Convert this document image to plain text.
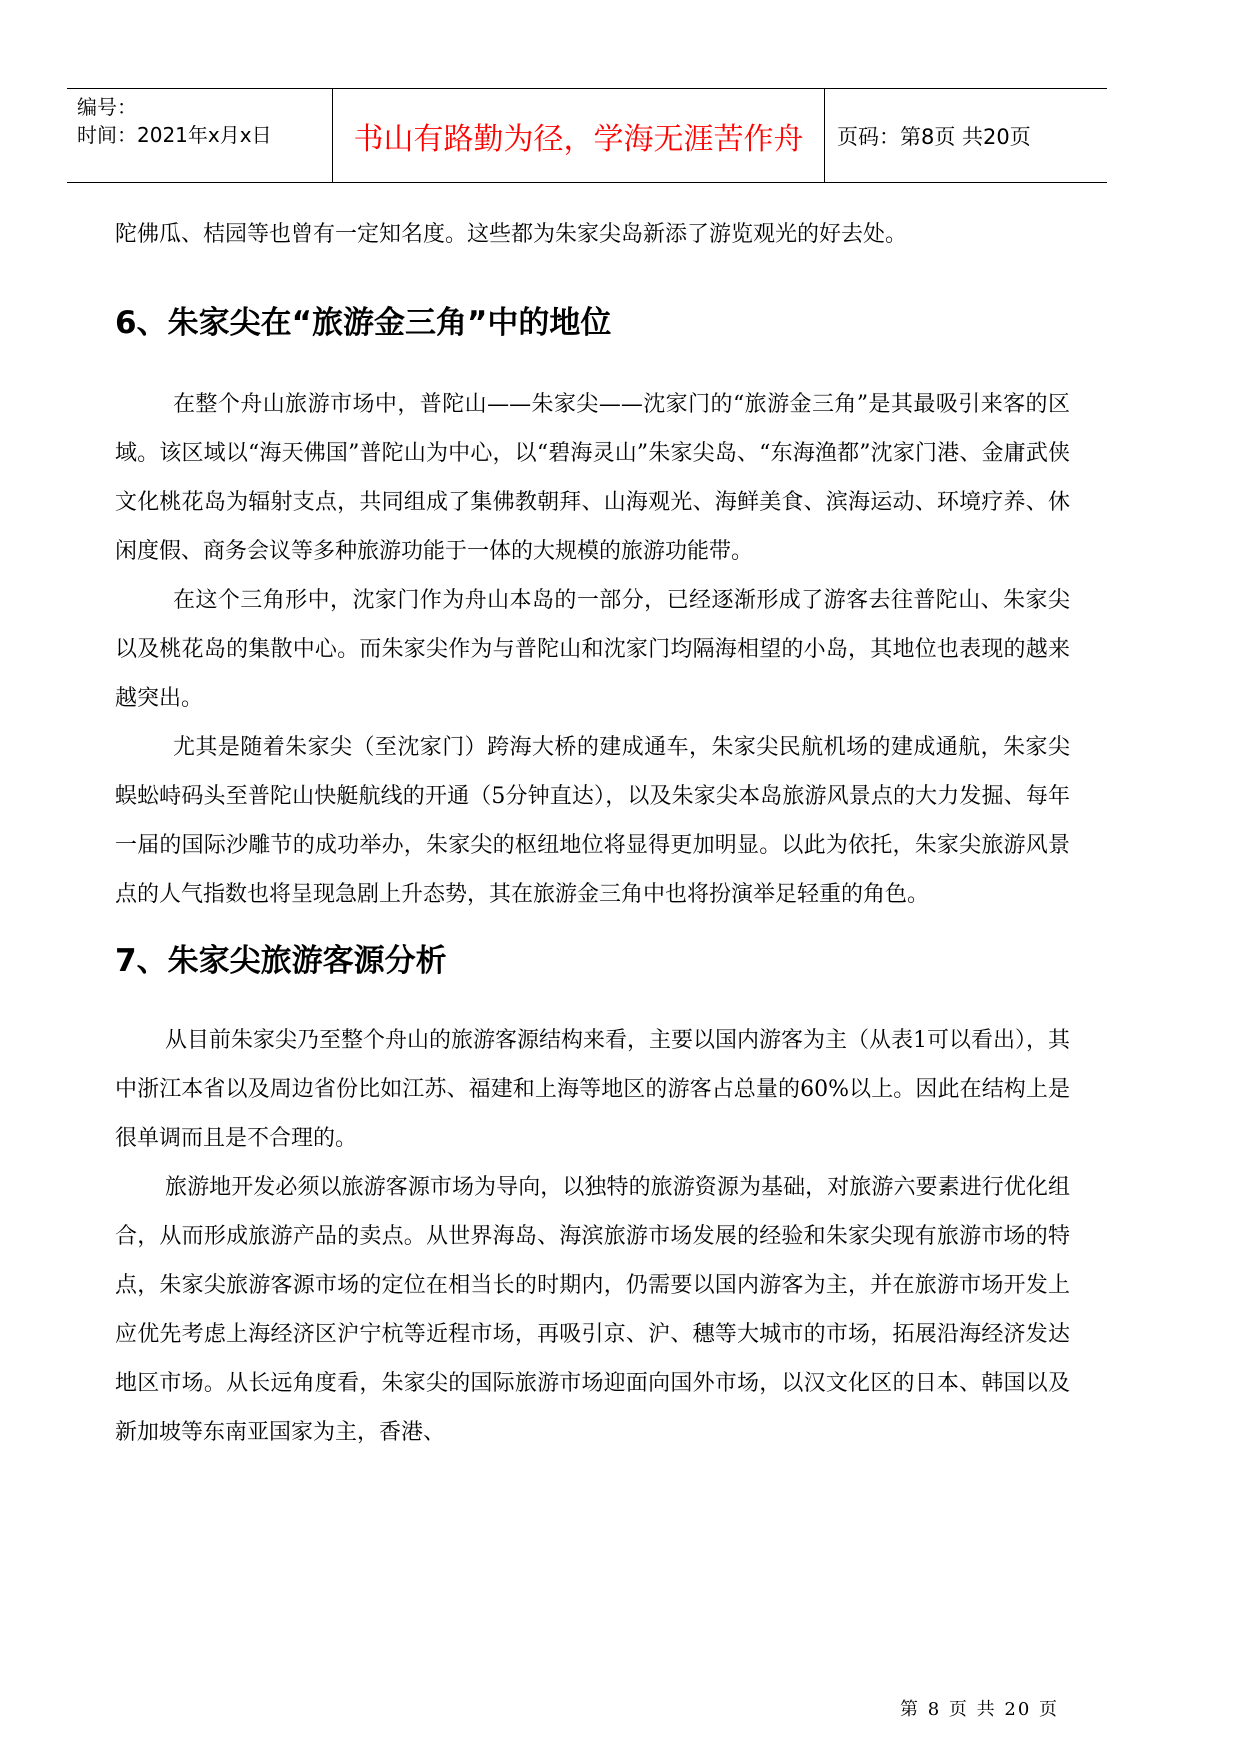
编号：
时间：2021年x月x日	书山有路勤为径，学海无涯苦作舟	页码：第8页 共20页

陀佛瓜、桔园等也曾有一定知名度。这些都为朱家尖岛新添了游览观光的好去处。

6、朱家尖在“旅游金三角”中的地位

在整个舟山旅游市场中，普陀山——朱家尖——沈家门的“旅游金三角”是其最吸引来客的区域。该区域以“海天佛国”普陀山为中心，以“碧海灵山”朱家尖岛、“东海渔都”沈家门港、金庸武侠文化桃花岛为辐射支点，共同组成了集佛教朝拜、山海观光、海鲜美食、滨海运动、环境疗养、休闲度假、商务会议等多种旅游功能于一体的大规模的旅游功能带。

在这个三角形中，沈家门作为舟山本岛的一部分，已经逐渐形成了游客去往普陀山、朱家尖以及桃花岛的集散中心。而朱家尖作为与普陀山和沈家门均隔海相望的小岛，其地位也表现的越来越突出。

尤其是随着朱家尖（至沈家门）跨海大桥的建成通车，朱家尖民航机场的建成通航，朱家尖蜈蚣峙码头至普陀山快艇航线的开通（5分钟直达），以及朱家尖本岛旅游风景点的大力发掘、每年一届的国际沙雕节的成功举办，朱家尖的枢纽地位将显得更加明显。以此为依托，朱家尖旅游风景点的人气指数也将呈现急剧上升态势，其在旅游金三角中也将扮演举足轻重的角色。

7、朱家尖旅游客源分析

从目前朱家尖乃至整个舟山的旅游客源结构来看，主要以国内游客为主（从表1可以看出），其中浙江本省以及周边省份比如江苏、福建和上海等地区的游客占总量的60%以上。因此在结构上是很单调而且是不合理的。

旅游地开发必须以旅游客源市场为导向，以独特的旅游资源为基础，对旅游六要素进行优化组合，从而形成旅游产品的卖点。从世界海岛、海滨旅游市场发展的经验和朱家尖现有旅游市场的特点，朱家尖旅游客源市场的定位在相当长的时期内，仍需要以国内游客为主，并在旅游市场开发上应优先考虑上海经济区沪宁杭等近程市场，再吸引京、沪、穗等大城市的市场，拓展沿海经济发达地区市场。从长远角度看，朱家尖的国际旅游市场迎面向国外市场，以汉文化区的日本、韩国以及新加坡等东南亚国家为主，香港、

第 8 页 共 20 页
